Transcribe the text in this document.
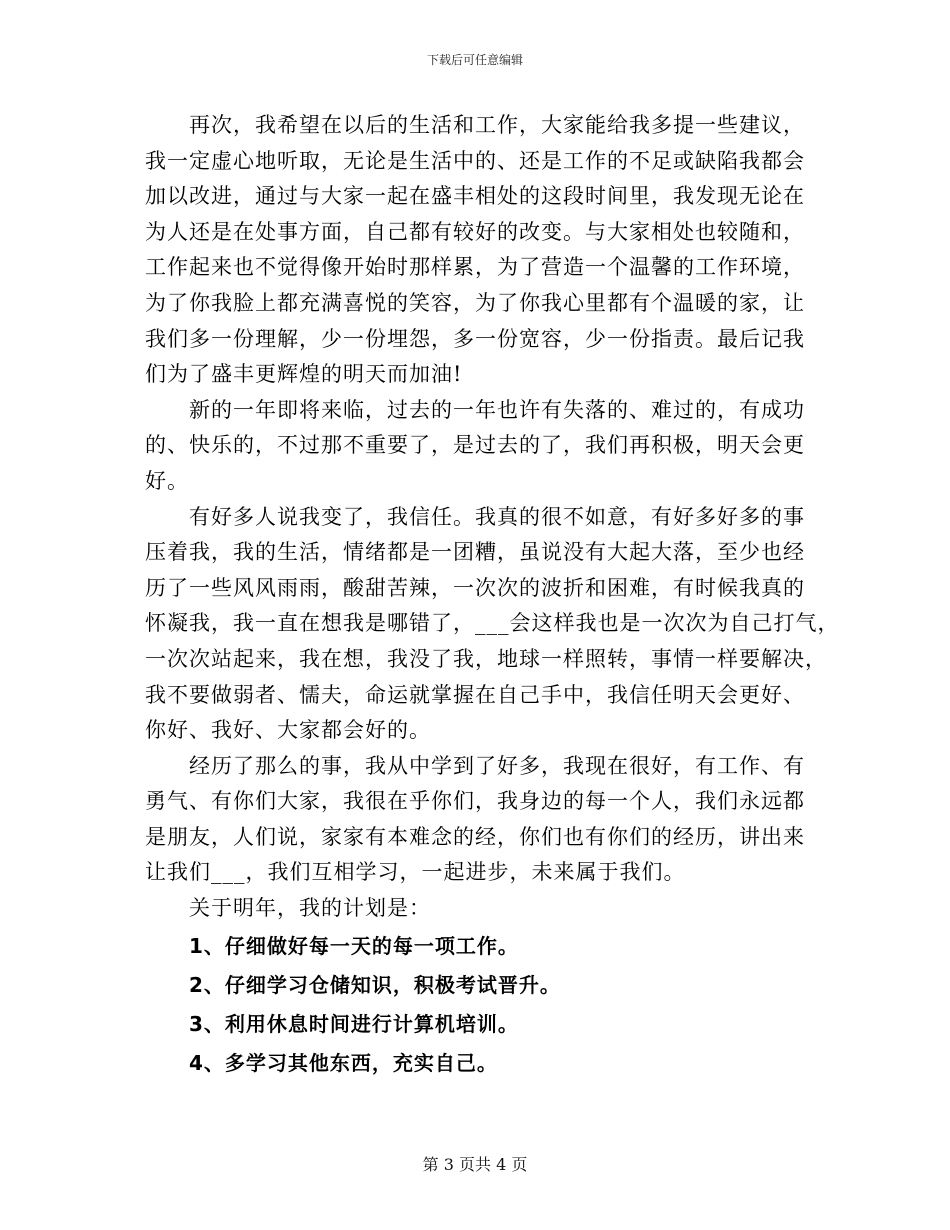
下载后可任意编辑

再次，我希望在以后的生活和工作，大家能给我多提一些建议，
我一定虚心地听取，无论是生活中的、还是工作的不足或缺陷我都会
加以改进，通过与大家一起在盛丰相处的这段时间里，我发现无论在
为人还是在处事方面，自己都有较好的改变。与大家相处也较随和，
工作起来也不觉得像开始时那样累，为了营造一个温馨的工作环境，
为了你我脸上都充满喜悦的笑容，为了你我心里都有个温暖的家，让
我们多一份理解，少一份埋怨，多一份宽容，少一份指责。最后记我
们为了盛丰更辉煌的明天而加油!

新的一年即将来临，过去的一年也许有失落的、难过的，有成功
的、快乐的，不过那不重要了，是过去的了，我们再积极，明天会更
好。

有好多人说我变了，我信任。我真的很不如意，有好多好多的事
压着我，我的生活，情绪都是一团糟，虽说没有大起大落，至少也经
历了一些风风雨雨，酸甜苦辣，一次次的波折和困难，有时候我真的
怀凝我，我一直在想我是哪错了，___会这样我也是一次次为自己打气，
一次次站起来，我在想，我没了我，地球一样照转，事情一样要解决，
我不要做弱者、懦夫，命运就掌握在自己手中，我信任明天会更好、
你好、我好、大家都会好的。

经历了那么的事，我从中学到了好多，我现在很好，有工作、有
勇气、有你们大家，我很在乎你们，我身边的每一个人，我们永远都
是朋友，人们说，家家有本难念的经，你们也有你们的经历，讲出来
让我们___，我们互相学习，一起进步，未来属于我们。

关于明年，我的计划是：

1、仔细做好每一天的每一项工作。
2、仔细学习仓储知识，积极考试晋升。
3、利用休息时间进行计算机培训。
4、多学习其他东西，充实自己。
第 3 页共 4 页
